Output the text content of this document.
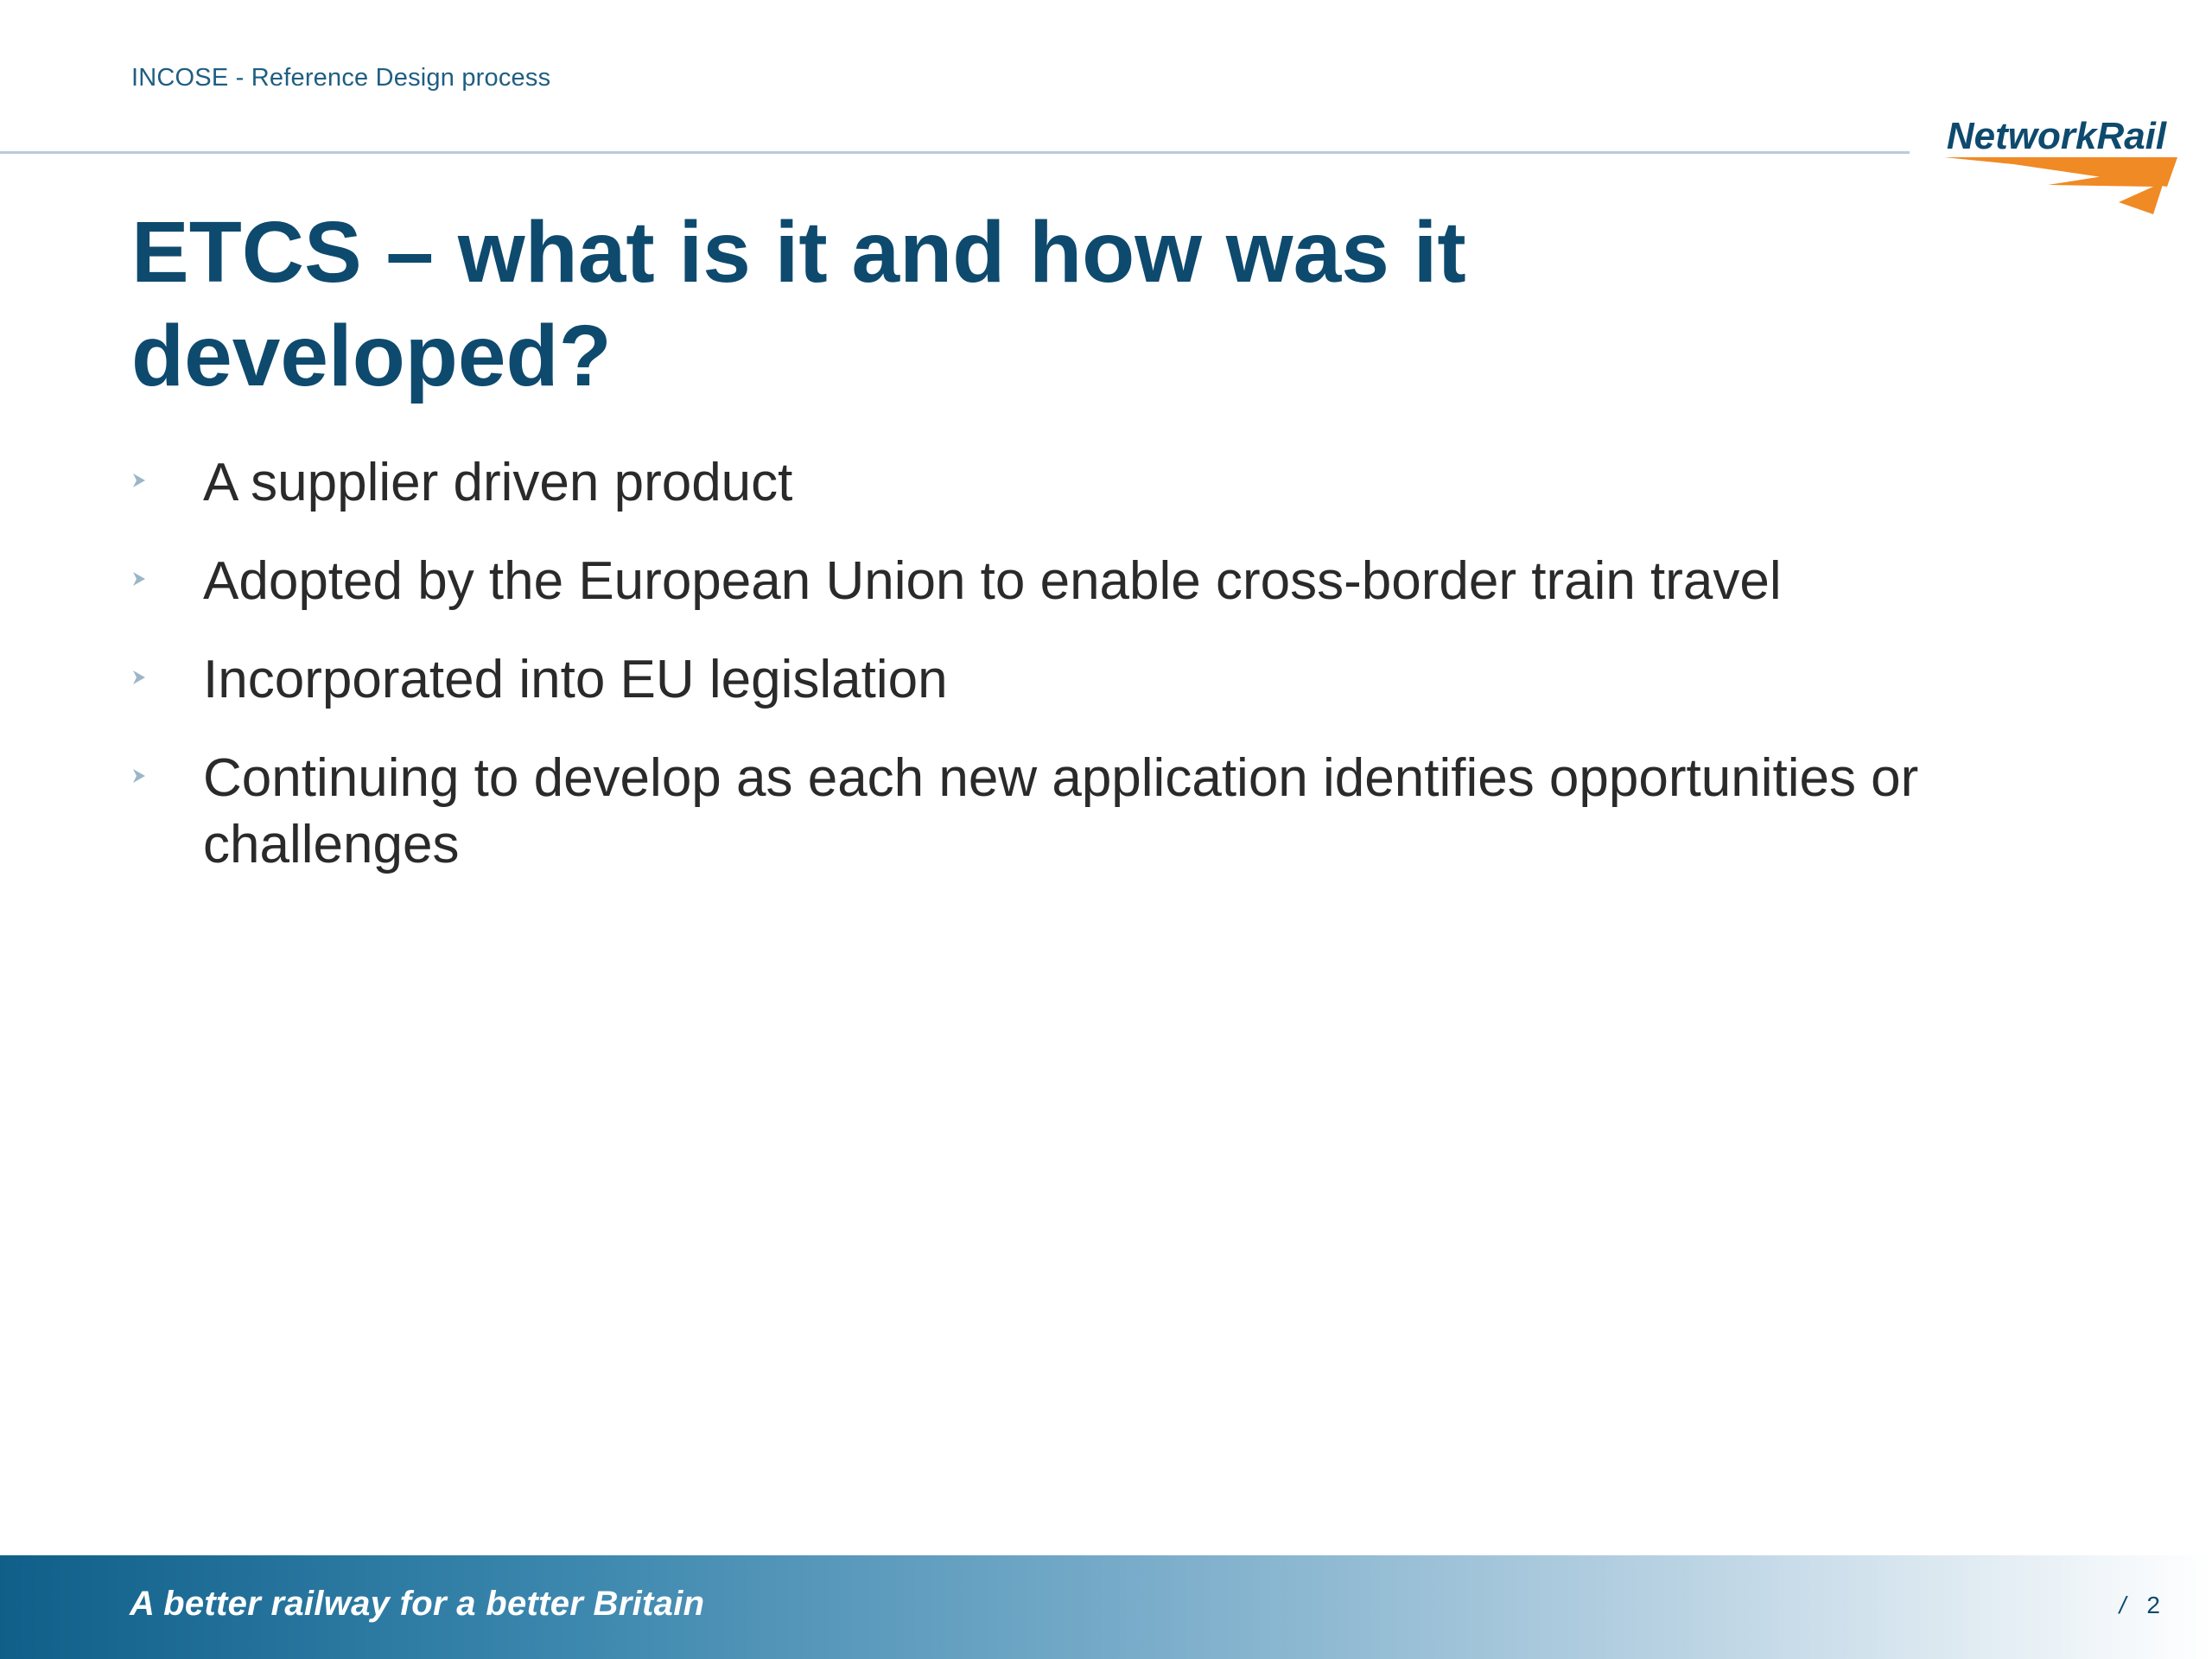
INCOSE - Reference Design process
NetworkRail
ETCS – what is it and how was it developed?
A supplier driven product
Adopted by the European Union to enable cross-border train travel
Incorporated into EU legislation
Continuing to develop as each new application identifies opportunities or challenges
A better railway for a better Britain	/ 2
